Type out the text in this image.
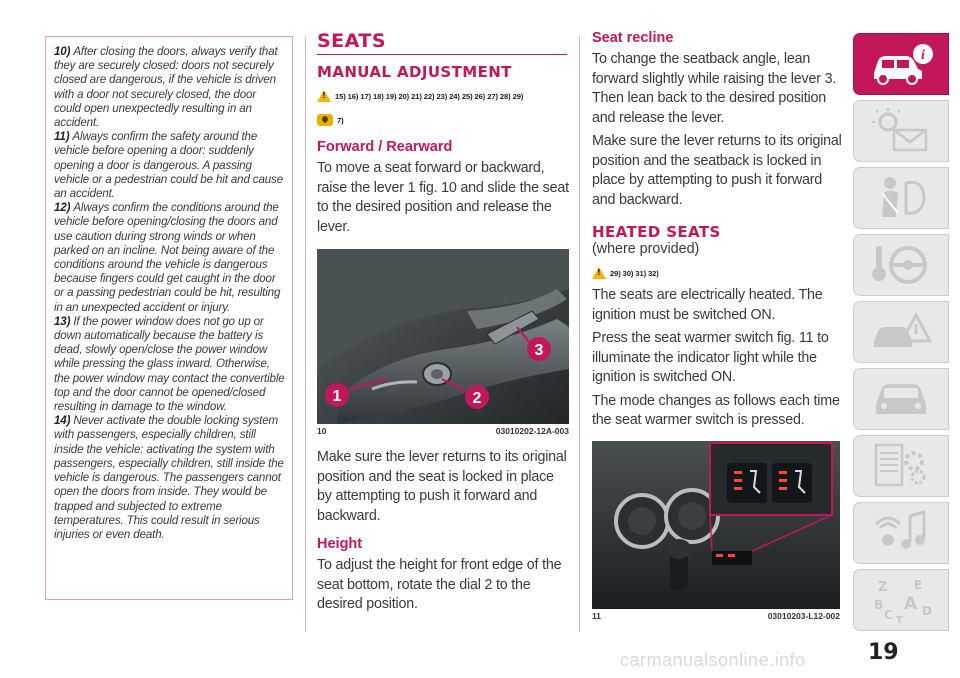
10) After closing the doors, always verify that they are securely closed: doors not securely closed are dangerous, if the vehicle is driven with a door not securely closed, the door could open unexpectedly resulting in an accident.
11) Always confirm the safety around the vehicle before opening a door: suddenly opening a door is dangerous. A passing vehicle or a pedestrian could be hit and cause an accident.
12) Always confirm the conditions around the vehicle before opening/closing the doors and use caution during strong winds or when parked on an incline. Not being aware of the conditions around the vehicle is dangerous because fingers could get caught in the door or a passing pedestrian could be hit, resulting in an unexpected accident or injury.
13) If the power window does not go up or down automatically because the battery is dead, slowly open/close the power window while pressing the glass inward. Otherwise, the power window may contact the convertible top and the door cannot be opened/closed resulting in damage to the window.
14) Never activate the double locking system with passengers, especially children, still inside the vehicle: activating the system with passengers, especially children, still inside the vehicle is dangerous. The passengers cannot open the doors from inside. They would be trapped and subjected to extreme temperatures. This could result in serious injuries or even death.
SEATS
MANUAL ADJUSTMENT
!
15) 16) 17) 18) 19) 20) 21) 22) 23) 24) 25) 26) 27) 28) 29)
7)
Forward / Rearward
To move a seat forward or backward, raise the lever 1 fig. 10 and slide the seat to the desired position and release the lever.
1	2
3
10	03010202-12A-003
Make sure the lever returns to its original position and the seat is locked in place by attempting to push it forward and backward.
Height
To adjust the height for front edge of the seat bottom, rotate the dial 2 to the desired position.
Seat recline
To change the seatback angle, lean forward slightly while raising the lever 3. Then lean back to the desired position and release the lever.
Make sure the lever returns to its original position and the seatback is locked in place by attempting to push it forward and backward.
HEATED SEATS
(where provided)
!
29) 30) 31) 32)
The seats are electrically heated. The ignition must be switched ON.
Press the seat warmer switch fig. 11 to illuminate the indicator light while the ignition is switched ON.
The mode changes as follows each time the seat warmer switch is pressed.
11	03010203-L12-002
i
Z E
A
B
C D
T
19
carmanualsonline.info
